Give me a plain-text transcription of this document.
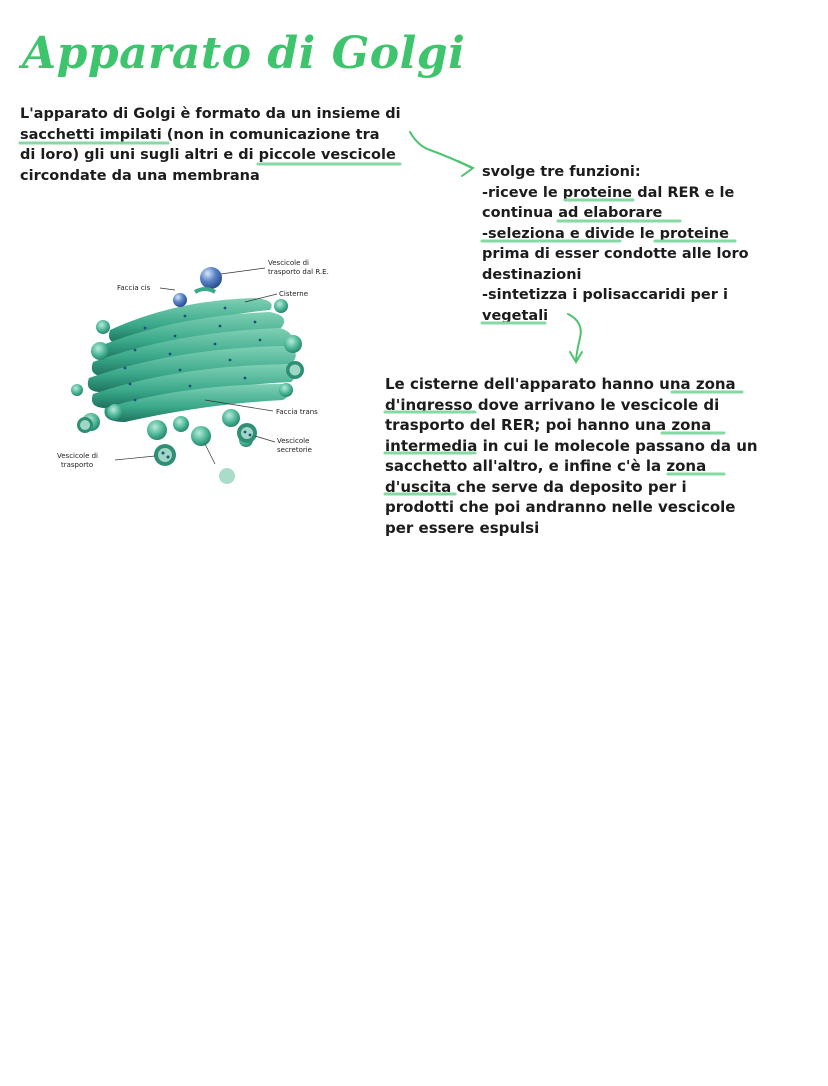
Apparato di Golgi
L'apparato di Golgi è formato da un insieme di
sacchetti impilati (non in comunicazione tra
di loro) gli uni sugli altri e di piccole vescicole
circondate da una membrana	svolge tre funzioni:
-riceve le proteine dal RER e le
continua ad elaborare
-seleziona e divide le proteine
prima di esser condotte alle loro
destinazioni
-sintetizza i polisaccaridi per i
vegetali
Le cisterne dell'apparato hanno una zona
d'ingresso dove arrivano le vescicole di
trasporto del RER; poi hanno una zona
intermedia in cui le molecole passano da un
sacchetto all'altro, e infine c'è la zona
d'uscita che serve da deposito per i
prodotti che poi andranno nelle vescicole
per essere espulsi
Faccia cis
Vescicole di
trasporto dal R.E.
Cisterne
Faccia trans
Vescicole
secretorie
Vescicole di
trasporto
